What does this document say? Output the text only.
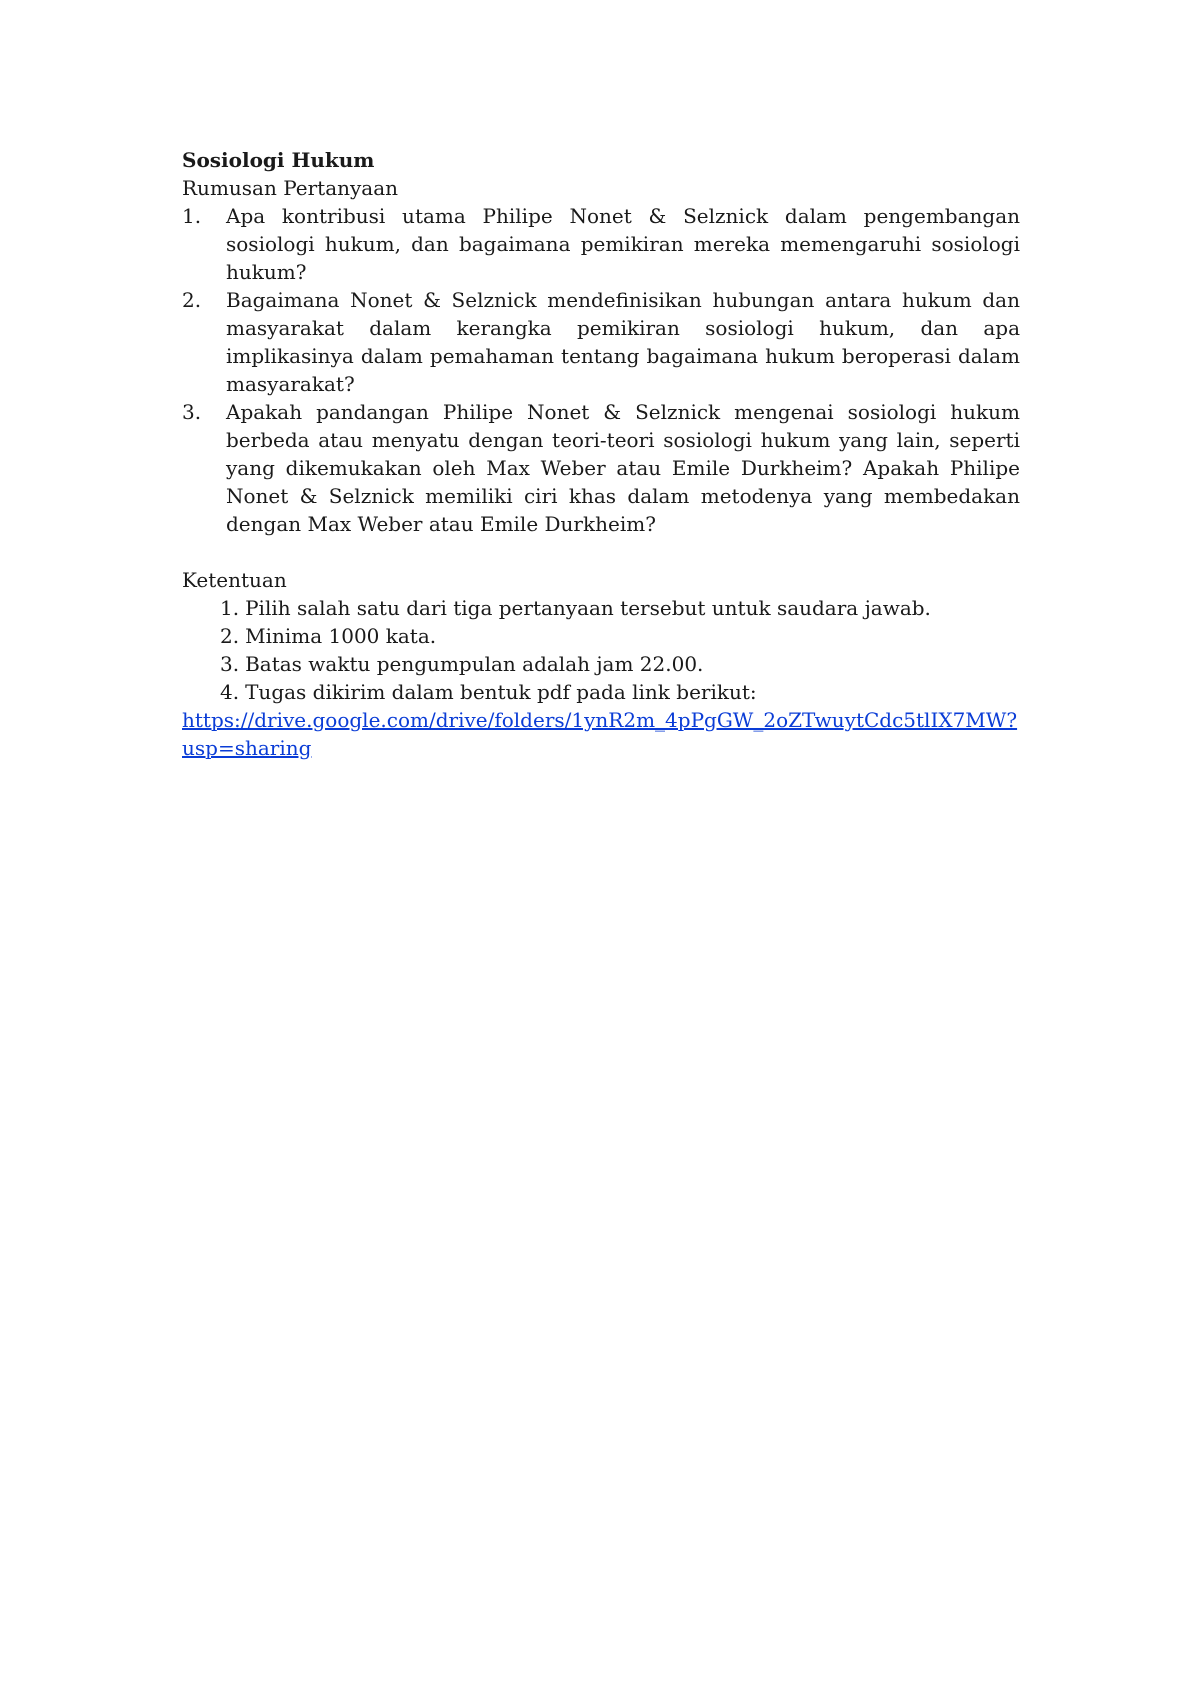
Sosiologi Hukum

Rumusan Pertanyaan

1.	Apa kontribusi utama Philipe Nonet & Selznick dalam pengembangan sosiologi hukum, dan bagaimana pemikiran mereka memengaruhi sosiologi hukum?
2.	Bagaimana Nonet & Selznick mendefinisikan hubungan antara hukum dan masyarakat dalam kerangka pemikiran sosiologi hukum, dan apa implikasinya dalam pemahaman tentang bagaimana hukum beroperasi dalam masyarakat?
3.	Apakah pandangan Philipe Nonet & Selznick mengenai sosiologi hukum berbeda atau menyatu dengan teori-teori sosiologi hukum yang lain, seperti yang dikemukakan oleh Max Weber atau Emile Durkheim? Apakah Philipe Nonet & Selznick memiliki ciri khas dalam metodenya yang membedakan dengan Max Weber atau Emile Durkheim?

Ketentuan

1. Pilih salah satu dari tiga pertanyaan tersebut untuk saudara jawab.
2. Minima 1000 kata.
3. Batas waktu pengumpulan adalah jam 22.00.
4. Tugas dikirim dalam bentuk pdf pada link berikut:
https://drive.google.com/drive/folders/1ynR2m_4pPgGW_2oZTwuytCdc5tlIX7MW?usp=sharing
